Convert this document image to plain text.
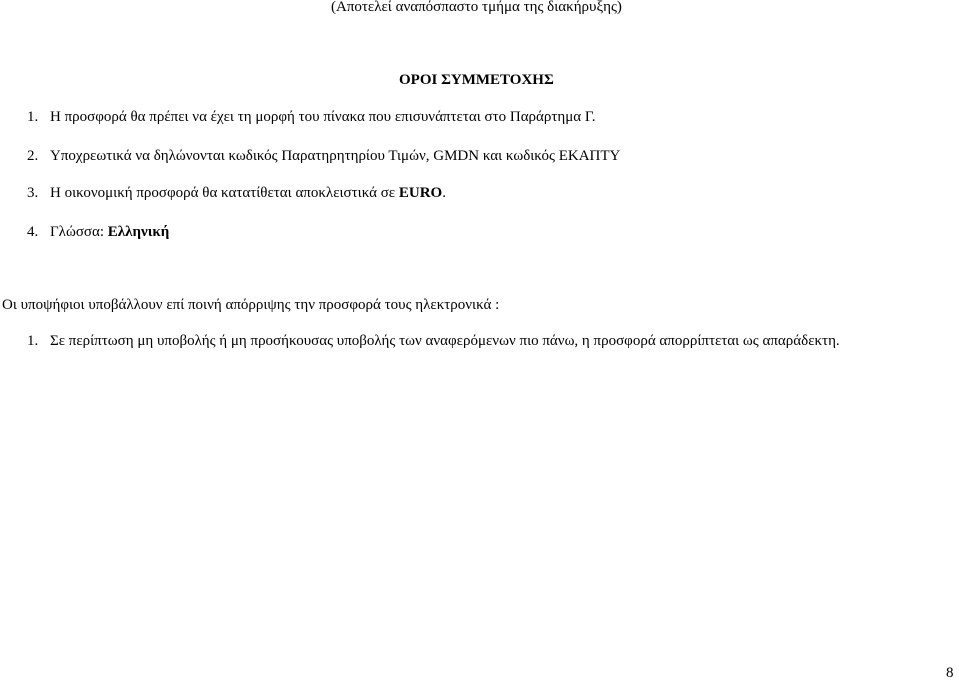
(Αποτελεί αναπόσπαστο τμήμα της διακήρυξης)
ΟΡΟΙ ΣΥΜΜΕΤΟΧΗΣ
1. Η προσφορά θα πρέπει να έχει τη μορφή του πίνακα που επισυνάπτεται στο Παράρτημα Γ.
2. Υποχρεωτικά να δηλώνονται κωδικός Παρατηρητηρίου Τιμών, GMDN και κωδικός ΕΚΑΠΤΥ
3. Η οικονομική προσφορά θα κατατίθεται αποκλειστικά σε EURO.
4. Γλώσσα: Ελληνική
Οι υποψήφιοι υποβάλλουν επί ποινή απόρριψης την προσφορά τους ηλεκτρονικά :
1. Σε περίπτωση μη υποβολής ή μη προσήκουσας υποβολής των αναφερόμενων πιο πάνω, η προσφορά απορρίπτεται ως απαράδεκτη.
8
